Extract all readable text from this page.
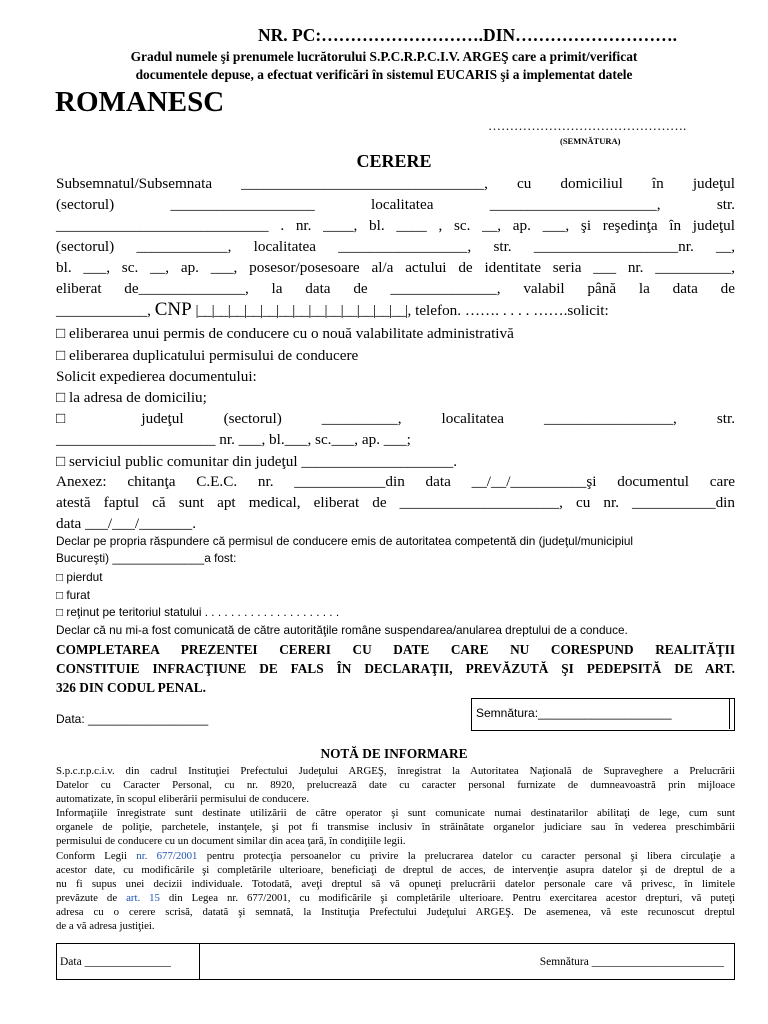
NR. PC:……………………….DIN……………………….
Gradul numele şi prenumele lucrătorului S.P.C.R.P.C.I.V. ARGEŞ care a primit/verificat
documentele depuse, a efectuat verificări în sistemul EUCARIS şi a implementat datele
ROMANESC
……………………………………….
(SEMNĂTURA)
CERERE
Subsemnatul/Subsemnata ________________________________, cu domiciliul în judeţul
(sectorul) ___________________ localitatea ______________________, str.
____________________________ . nr. ____, bl. ____ , sc. __, ap. ___, şi reşedinţa în judeţul
(sectorul) ____________, localitatea _________________, str. ___________________nr. __,
bl. ___, sc. __, ap. ___, posesor/posesoare al/a actului de identitate seria ___ nr. __________,
eliberat de______________, la data de ______________, valabil până la data de
____________, CNP |__|__|__|__|__|__|__|__|__|__|__|__|__|, telefon. ……. . . . . …….solicit:
□ eliberarea unui permis de conducere cu o nouă valabilitate administrativă
□ eliberarea duplicatului permisului de conducere
Solicit expedierea documentului:
□ la adresa de domiciliu;
□ judeţul (sectorul) __________, localitatea _________________, str.
_____________________ nr. ___, bl.___, sc.___, ap. ___;
□ serviciul public comunitar din judeţul ____________________.
Anexez: chitanţa C.E.C. nr. ____________din data __/__/__________şi documentul care
atestă faptul că sunt apt medical, eliberat de _____________________, cu nr. ___________din
data ___/___/_______.
Declar pe propria răspundere că permisul de conducere emis de autoritatea competentă din (judeţul/municipiul
Bucureşti) ______________a fost:
□ pierdut
□ furat
□ reţinut pe teritoriul statului . . . . . . . . . . . . . . . . . . . . .
Declar că nu mi-a fost comunicată de către autorităţile române suspendarea/anularea dreptului de a conduce.
COMPLETAREA PREZENTEI CERERI CU DATE CARE NU CORESPUND REALITĂŢII
CONSTITUIE INFRACŢIUNE DE FALS ÎN DECLARAŢII, PREVĂZUTĂ ŞI PEDEPSITĂ DE ART.
326 DIN CODUL PENAL.
Data: __________________	Semnătura:____________________
NOTĂ DE INFORMARE
S.p.c.r.p.c.i.v. din cadrul Instituţiei Prefectului Judeţului ARGEŞ, înregistrat la Autoritatea Naţională de Supraveghere a Prelucrării
Datelor cu Caracter Personal, cu nr. 8920, prelucrează date cu caracter personal furnizate de dumneavoastră prin mijloace
automatizate, în scopul eliberării permisului de conducere.
Informaţiile înregistrate sunt destinate utilizării de către operator şi sunt comunicate numai destinatarilor abilitaţi de lege, cum sunt
organele de poliţie, parchetele, instanţele, şi pot fi transmise inclusiv în străinătate organelor judiciare sau în vederea preschimbării
permisului de conducere cu un document similar din acea ţară, în condiţiile legii.
Conform Legii nr. 677/2001 pentru protecţia persoanelor cu privire la prelucrarea datelor cu caracter personal şi libera circulaţie a
acestor date, cu modificările şi completările ulterioare, beneficiaţi de dreptul de acces, de intervenţie asupra datelor şi de dreptul de a
nu fi supus unei decizii individuale. Totodată, aveţi dreptul să vă opuneţi prelucrării datelor personale care vă privesc, în limitele
prevăzute de art. 15 din Legea nr. 677/2001, cu modificările şi completările ulterioare. Pentru exercitarea acestor drepturi, vă puteţi
adresa cu o cerere scrisă, datată şi semnată, la Instituţia Prefectului Judeţului ARGEŞ. De asemenea, vă este recunoscut dreptul
de a vă adresa justiţiei.
Data _______________	Semnătura _______________________
